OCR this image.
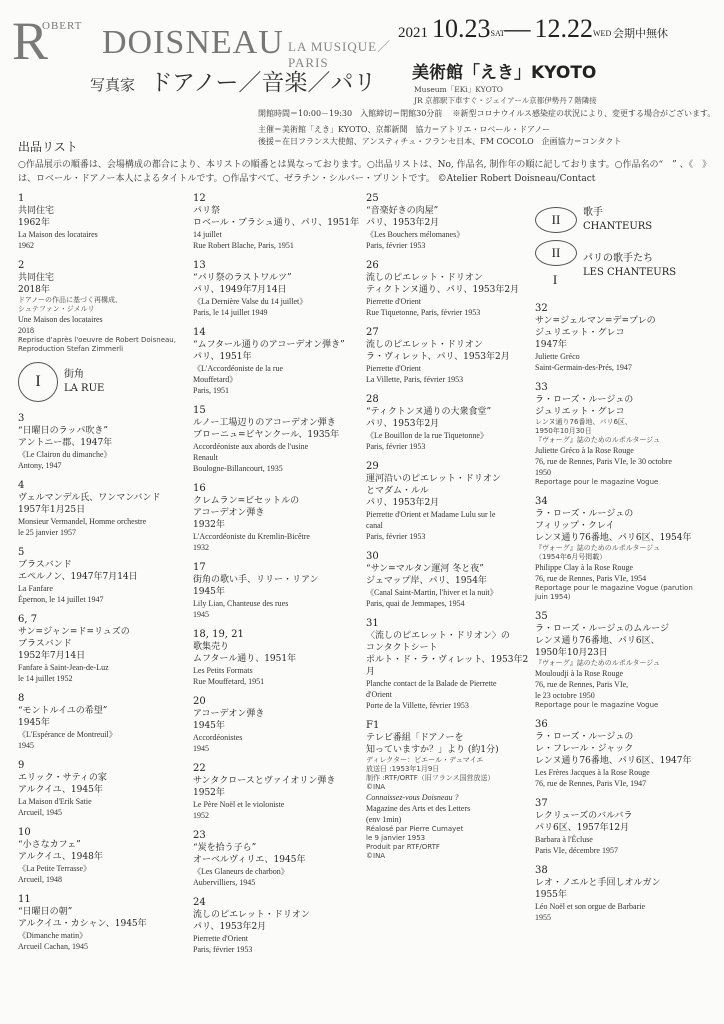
R
OBERT DOISNEAU LA MUSIQUE／PARIS
写真家 ドアノー／音楽／パリ
2021 10.23SAT — 12.22WED 会期中無休
美術館「えき」KYOTO
Museum「EKi」KYOTO
JR 京都駅下車すぐ・ジェイアール京都伊勢丹７階隣接
開館時間＝10:00－19:30　入館締切＝閉館30分前 ※新型コロナウイルス感染症の状況により、変更する場合がございます。
主催＝美術館「えき」KYOTO、京都新聞　協力＝アトリエ・ロベール・ドアノー
後援＝在日フランス大使館、アンスティチュ・フランセ日本、FM COCOLO　企画協力＝コンタクト
出品リスト
○作品展示の順番は、会場構成の都合により、本リストの順番とは異なっております。○出品リストは、No, 作品名, 制作年の順に記しております。○作品名の“　” 、《　》は、ロベール・ドアノー本人によるタイトルです。○作品すべて、ゼラチン・シルバー・プリントです。 ©Atelier Robert Doisneau/Contact
1
共同住宅
1962年
La Maison des locataires
1962
2
共同住宅
2018年
ドアノーの作品に基づく再構成、
シュテファン・ジメルリ
Une Maison des locataires
2018
Reprise d'après l'oeuvre de Robert Doisneau,
Reproduction Stefan Zimmerli
I	街角
LA RUE
3
“日曜日のラッパ吹き”
アントニー郡、1947年
《Le Clairon du dimanche》
Antony, 1947
4
ヴェルマンデル氏、ワンマンバンド
1957年1月25日
Monsieur Vermandel, Homme orchestre
le 25 janvier 1957
5
ブラスバンド
エペルノン、1947年7月14日
La Fanfare
Épernon, le 14 juillet 1947
6, 7
サン=ジャン=ド=リュズの
ブラスバンド
1952年7月14日
Fanfare à Saint-Jean-de-Luz
le 14 juillet 1952
8
“モントルイユの希望”
1945年
《L'Espérance de Montreuil》
1945
9
エリック・サティの家
アルクイユ、1945年
La Maison d'Erik Satie
Arcueil, 1945
10
“小さなカフェ”
アルクイユ、1948年
《La Petite Terrasse》
Arcueil, 1948
11
“日曜日の朝”
アルクイユ・カシャン、1945年
《Dimanche matin》
Arcueil Cachan, 1945
12
パリ祭
ロベール・ブラシュ通り、パリ、1951年
14 juillet
Rue Robert Blache, Paris, 1951
13
“パリ祭のラストワルツ”
パリ、1949年7月14日
《La Dernière Valse du 14 juillet》
Paris, le 14 juillet 1949
14
“ムフタール通りのアコーデオン弾き”
パリ、1951年
《L'Accordéoniste de la rue
Mouffetard》
Paris, 1951
15
ルノー工場辺りのアコーデオン弾き
ブローニュ=ビヤンクール、1935年
Accordéoniste aux abords de l'usine
Renault
Boulogne-Billancourt, 1935
16
クレムラン=ビセットルの
アコーデオン弾き
1932年
L'Accordéoniste du Kremlin-Bicêtre
1932
17
街角の歌い手、リリー・リアン
1945年
Lily Lian, Chanteuse des rues
1945
18, 19, 21
歌集売り
ムフタール通り、1951年
Les Petits Formats
Rue Mouffetard, 1951
20
アコーデオン弾き
1945年
Accordéonistes
1945
22
サンタクロースとヴァイオリン弾き
1952年
Le Père Noël et le violoniste
1952
23
“炭を拾う子ら”
オーベルヴィリエ、1945年
《Les Glaneurs de charbon》
Aubervilliers, 1945
24
流しのピエレット・ドリオン
パリ、1953年2月
Pierrette d'Orient
Paris, février 1953
25
“音楽好きの肉屋”
パリ、1953年2月
《Les Bouchers mélomanes》
Paris, février 1953
26
流しのピエレット・ドリオン
ティクトンヌ通り、パリ、1953年2月
Pierrette d'Orient
Rue Tiquetonne, Paris, février 1953
27
流しのピエレット・ドリオン
ラ・ヴィレット、パリ、1953年2月
Pierrette d'Orient
La Villette, Paris, février 1953
28
“ティクトンヌ通りの大衆食堂”
パリ、1953年2月
《Le Bouillon de la rue Tiquetonne》
Paris, février 1953
29
運河沿いのピエレット・ドリオン
とマダム・ルル
パリ、1953年2月
Pierrette d'Orient et Madame Lulu sur le
canal
Paris, février 1953
30
“サン=マルタン運河 冬と夜”
ジェマップ岸、パリ、1954年
《Canal Saint-Martin, l'hiver et la nuit》
Paris, quai de Jemmapes, 1954
31
〈流しのピエレット・ドリオン〉の
コンタクトシート
ポルト・ド・ラ・ヴィレット、1953年2月
Planche contact de la Balade de Pierrette
d'Orient
Porte de la Villette, février 1953
F1
テレビ番組「ドアノーを
知っていますか？」より (約1分)
ディレクター：ピエール・デュマイエ
放送日 :1953年1月9日
制作 :RTF/ORTF（旧フランス国営放送）
©INA
Connaissez-vous Doisneau ?
Magazine des Arts et des Letters
(env 1min)
Réalosé par Pierre Cumayet
le 9 janvier 1953
Produit par RTF/ORTF
©INA
II	歌手
CHANTEURS
II
I
パリの歌手たち
LES CHANTEURS
32
サン=ジェルマン=デ=プレの
ジュリエット・グレコ
1947年
Juliette Gréco
Saint-Germain-des-Prés, 1947
33
ラ・ローズ・ルージュの
ジュリエット・グレコ
レンヌ通り76番地、パリ6区、
1950年10月30日
『ヴォーグ』誌のためのルポルタージュ
Juliette Gréco à la Rose Rouge
76, rue de Rennes, Paris VIe, le 30 octobre
1950
Reportage pour le magazine Vogue
34
ラ・ローズ・ルージュの
フィリップ・クレイ
レンヌ通り76番地、パリ6区、1954年
『ヴォーグ』誌のためのルポルタージュ
（1954年6月号掲載）
Philippe Clay à la Rose Rouge
76, rue de Rennes, Paris VIe, 1954
Reportage pour le magazine Vogue (parution
juin 1954)
35
ラ・ローズ・ルージュのムルージ
レンヌ通り76番地、パリ6区、
1950年10月23日
『ヴォーグ』誌のためのルポルタージュ
Mouloudji à la Rose Rouge
76, rue de Rennes, Paris VIe,
le 23 octobre 1950
Reportage pour le magazine Vogue
36
ラ・ローズ・ルージュの
レ・フレール・ジャック
レンヌ通り76番地、パリ6区、1947年
Les Frères Jacques à la Rose Rouge
76, rue de Rennes, Paris VIe, 1947
37
レクリューズのバルバラ
パリ6区、1957年12月
Barbara à l'Écluse
Paris VIe, décembre 1957
38
レオ・ノエルと手回しオルガン
1955年
Léo Noël et son orgue de Barbarie
1955
